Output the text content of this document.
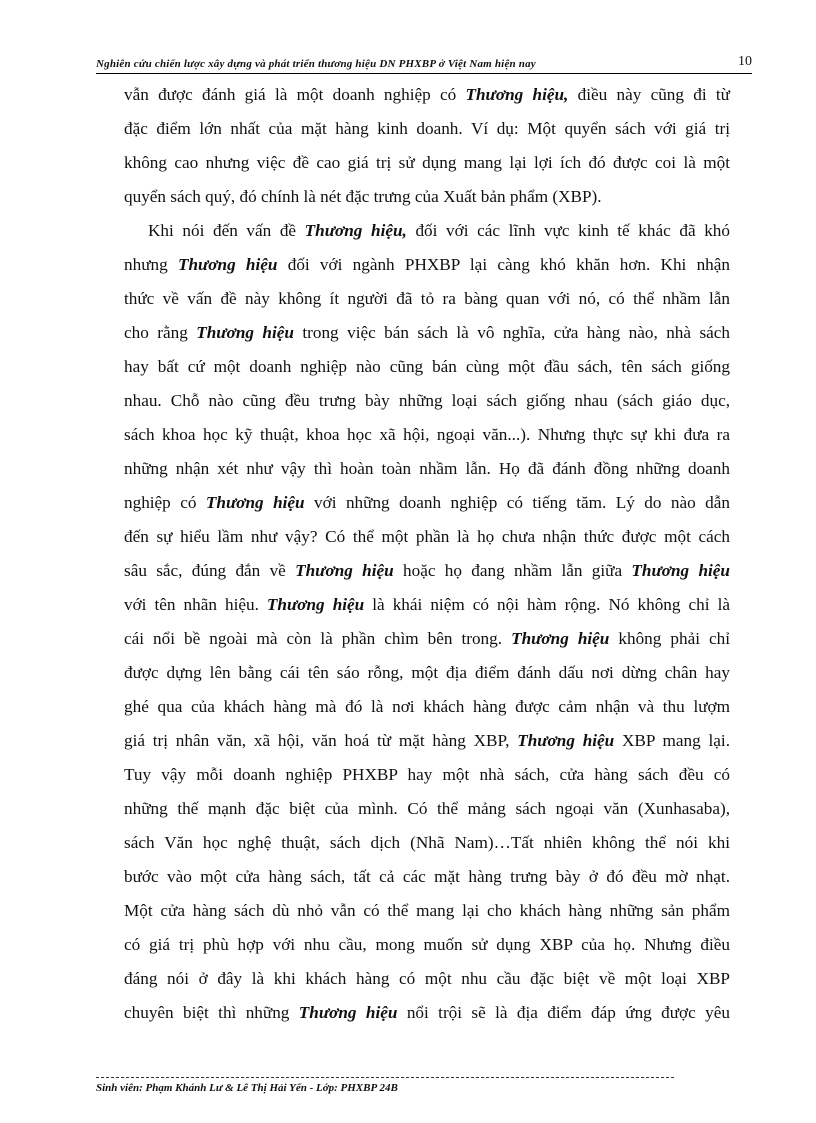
Nghiên cứu chiến lược xây dựng và phát triển thương hiệu DN PHXBP ở Việt Nam hiện nay	10
vẫn được đánh giá là một doanh nghiệp có Thương hiệu, điều này cũng đi từ
đặc điểm lớn nhất của mặt hàng kinh doanh. Ví dụ: Một quyển sách với giá trị
không cao nhưng việc đề cao giá trị sử dụng mang lại lợi ích đó được coi là một
quyển sách quý, đó chính là nét đặc trưng của Xuất bản phẩm (XBP).
Khi nói đến vấn đề Thương hiệu, đối với các lĩnh vực kinh tế khác đã khó
nhưng Thương hiệu đối với ngành PHXBP lại càng khó khăn hơn. Khi nhận
thức về vấn đề này không ít người đã tỏ ra bàng quan với nó, có thể nhầm lẫn
cho rằng Thương hiệu trong việc bán sách là vô nghĩa, cửa hàng nào, nhà sách
hay bất cứ một doanh nghiệp nào cũng bán cùng một đầu sách, tên sách giống
nhau. Chỗ nào cũng đều trưng bày những loại sách giống nhau (sách giáo dục,
sách khoa học kỹ thuật, khoa học xã hội, ngoại văn...). Nhưng thực sự khi đưa ra
những nhận xét như vậy thì hoàn toàn nhầm lẫn. Họ đã đánh đồng những doanh
nghiệp có Thương hiệu với những doanh nghiệp có tiếng tăm. Lý do nào dẫn
đến sự hiểu lầm như vậy? Có thể một phần là họ chưa nhận thức được một cách
sâu sắc, đúng đắn về Thương hiệu hoặc họ đang nhầm lẫn giữa Thương hiệu
với tên nhãn hiệu. Thương hiệu là khái niệm có nội hàm rộng. Nó không chỉ là
cái nổi bề ngoài mà còn là phần chìm bên trong. Thương hiệu không phải chỉ
được dựng lên bằng cái tên sáo rỗng, một địa điểm đánh dấu nơi dừng chân hay
ghé qua của khách hàng mà đó là nơi khách hàng được cảm nhận và thu lượm
giá trị nhân văn, xã hội, văn hoá từ mặt hàng XBP, Thương hiệu XBP mang lại.
Tuy vậy mỗi doanh nghiệp PHXBP hay một nhà sách, cửa hàng sách đều có
những thế mạnh đặc biệt của mình. Có thể mảng sách ngoại văn (Xunhasaba),
sách Văn học nghệ thuật, sách dịch (Nhã Nam)…Tất nhiên không thể nói khi
bước vào một cửa hàng sách, tất cả các mặt hàng trưng bày ở đó đều mờ nhạt.
Một cửa hàng sách dù nhỏ vẫn có thể mang lại cho khách hàng những sản phẩm
có giá trị phù hợp với nhu cầu, mong muốn sử dụng XBP của họ. Nhưng điều
đáng nói ở đây là khi khách hàng có một nhu cầu đặc biệt về một loại XBP
chuyên biệt thì những Thương hiệu nổi trội sẽ là địa điểm đáp ứng được yêu
Sinh viên: Phạm Khánh Lư & Lê Thị Hải Yến - Lớp: PHXBP 24B
